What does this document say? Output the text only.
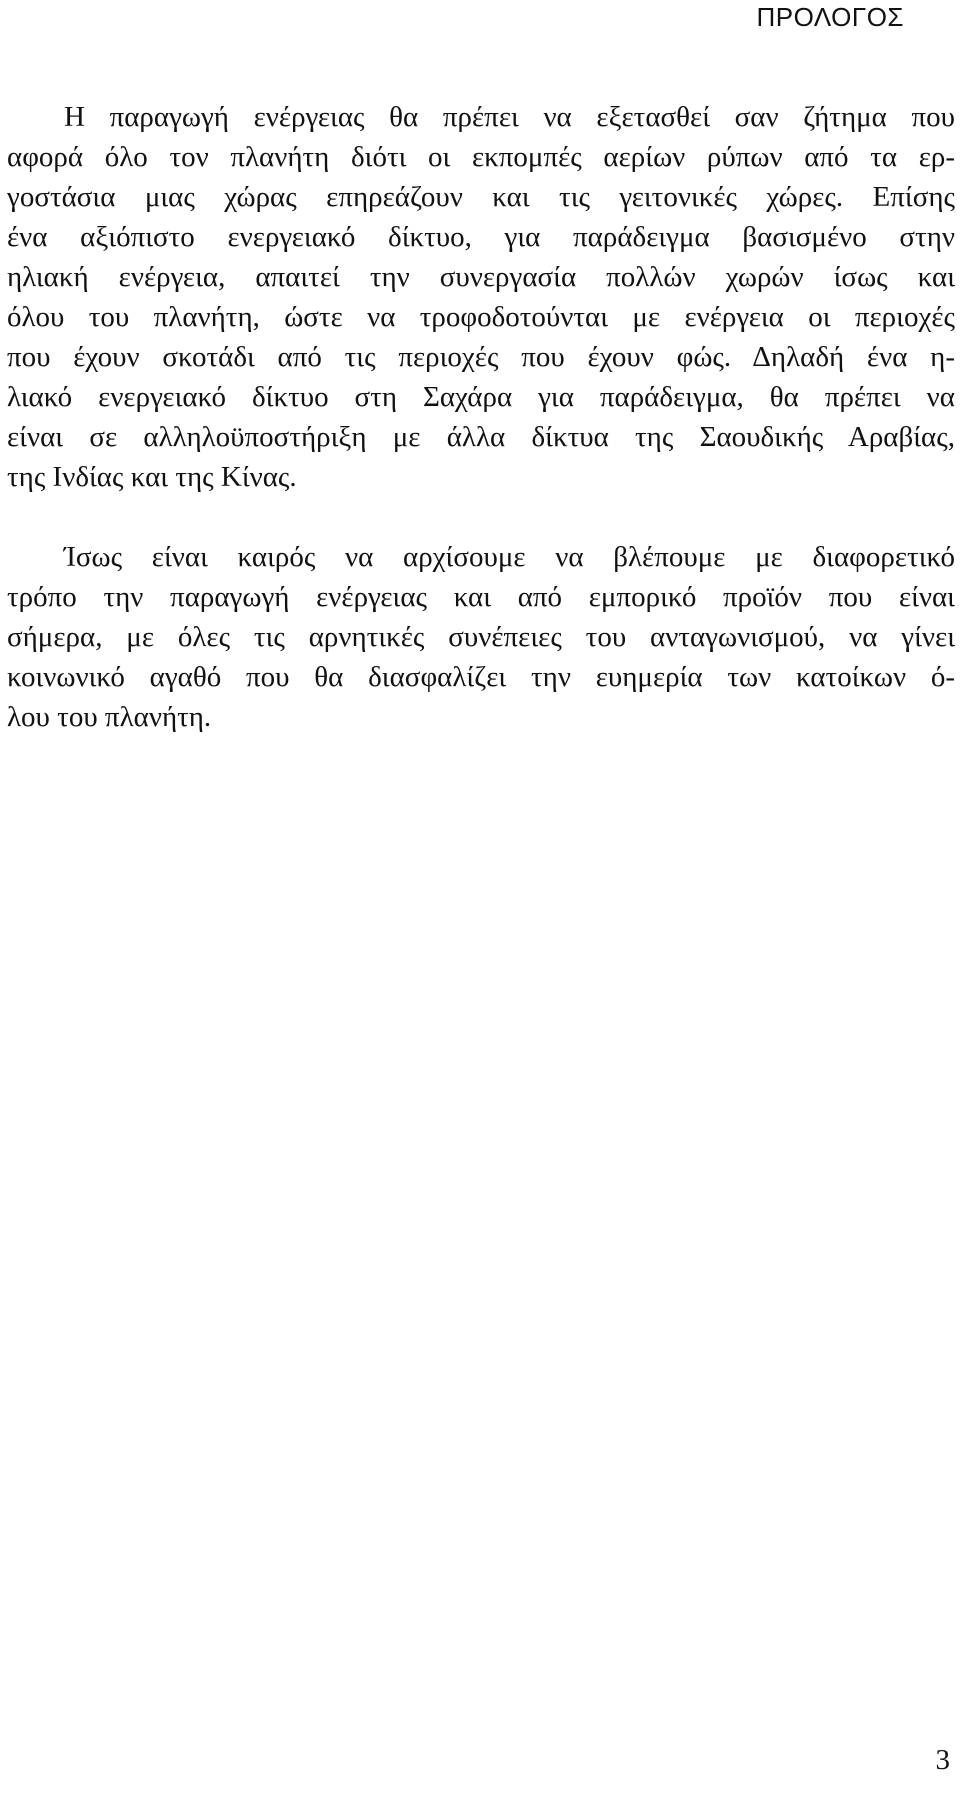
ΠΡΟΛΟΓΟΣ
Η παραγωγή ενέργειας θα πρέπει να εξετασθεί σαν ζήτημα που
αφορά όλο τον πλανήτη διότι οι εκπομπές αερίων ρύπων από τα ερ-
γοστάσια μιας χώρας επηρεάζουν και τις γειτονικές χώρες. Επίσης
ένα αξιόπιστο ενεργειακό δίκτυο, για παράδειγμα βασισμένο στην
ηλιακή ενέργεια, απαιτεί την συνεργασία πολλών χωρών ίσως και
όλου του πλανήτη, ώστε να τροφοδοτούνται με ενέργεια οι περιοχές
που έχουν σκοτάδι από τις περιοχές που έχουν φώς. Δηλαδή ένα η-
λιακό ενεργειακό δίκτυο στη Σαχάρα για παράδειγμα, θα πρέπει να
είναι σε αλληλοϋποστήριξη με άλλα δίκτυα της Σαουδικής Αραβίας,
της Ινδίας και της Κίνας.
Ίσως είναι καιρός να αρχίσουμε να βλέπουμε με διαφορετικό
τρόπο την παραγωγή ενέργειας και από εμπορικό προϊόν που είναι
σήμερα, με όλες τις αρνητικές συνέπειες του ανταγωνισμού, να γίνει
κοινωνικό αγαθό που θα διασφαλίζει την ευημερία των κατοίκων ό-
λου του πλανήτη.
3
